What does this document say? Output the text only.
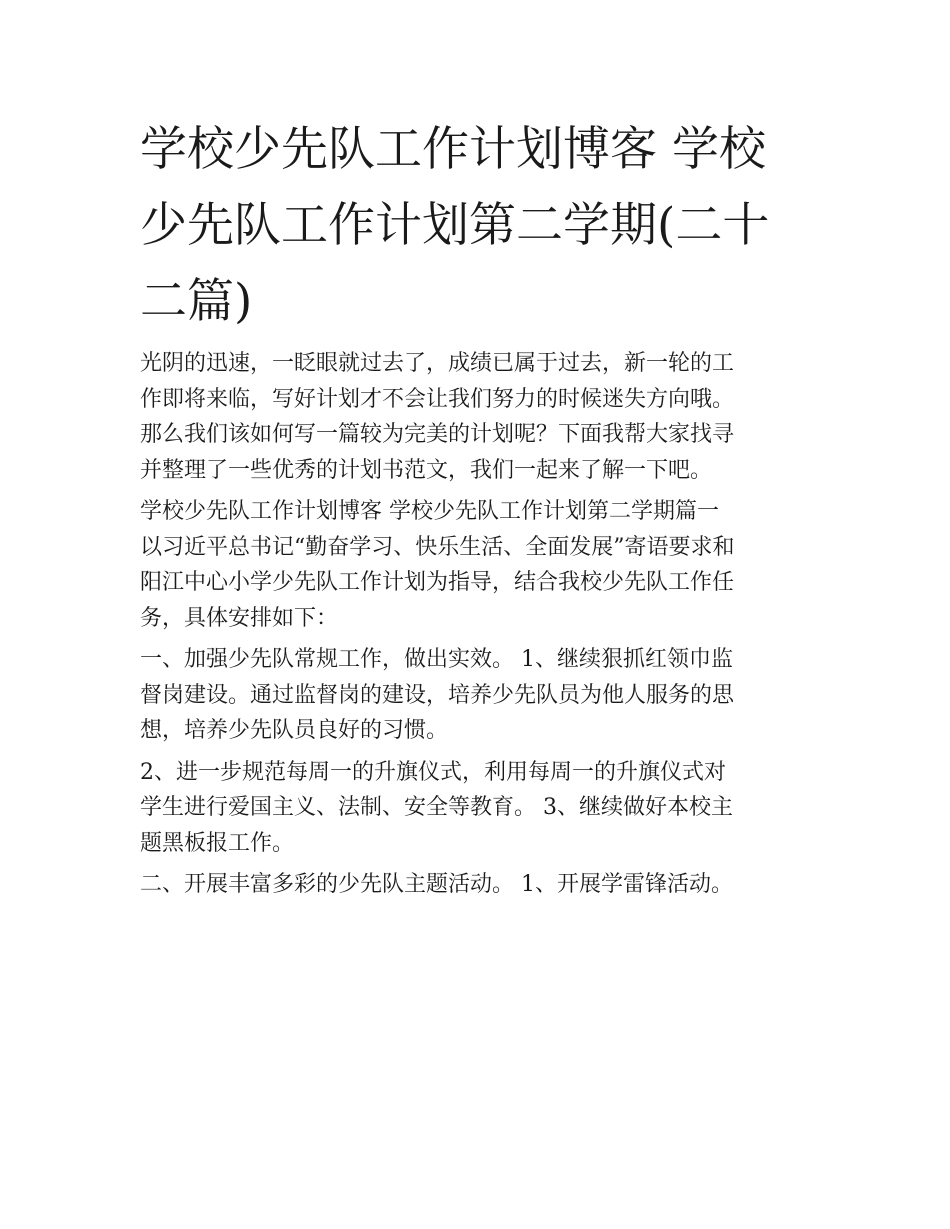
学校少先队工作计划博客 学校
少先队工作计划第二学期(二十
二篇)
光阴的迅速，一眨眼就过去了，成绩已属于过去，新一轮的工
作即将来临，写好计划才不会让我们努力的时候迷失方向哦。
那么我们该如何写一篇较为完美的计划呢？下面我帮大家找寻
并整理了一些优秀的计划书范文，我们一起来了解一下吧。
学校少先队工作计划博客 学校少先队工作计划第二学期篇一
以习近平总书记“勤奋学习、快乐生活、全面发展”寄语要求和
阳江中心小学少先队工作计划为指导，结合我校少先队工作任
务，具体安排如下：
一、加强少先队常规工作，做出实效。 1、继续狠抓红领巾监
督岗建设。通过监督岗的建设，培养少先队员为他人服务的思
想，培养少先队员良好的习惯。
2、进一步规范每周一的升旗仪式，利用每周一的升旗仪式对
学生进行爱国主义、法制、安全等教育。 3、继续做好本校主
题黑板报工作。
二、开展丰富多彩的少先队主题活动。 1、开展学雷锋活动。
